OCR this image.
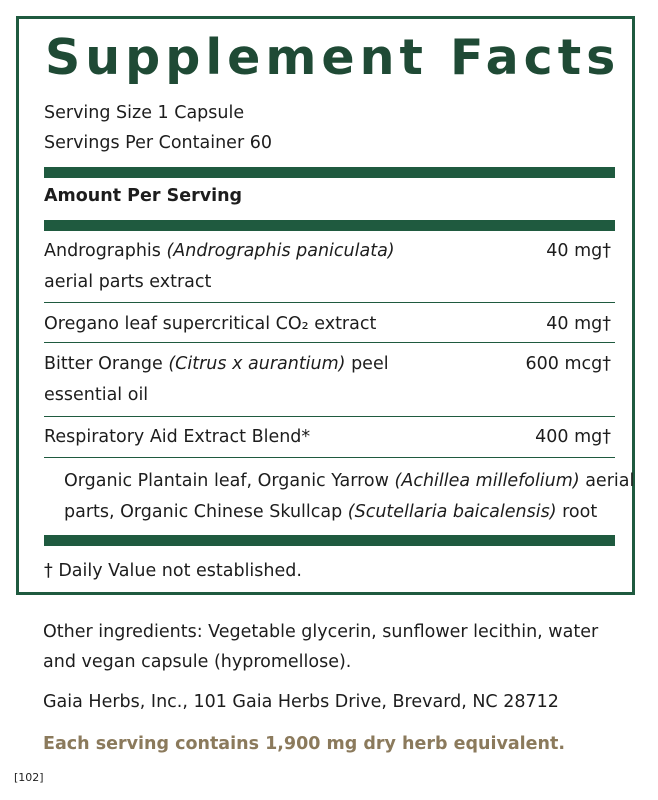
Supplement Facts
Serving Size 1 Capsule
Servings Per Container 60
Amount Per Serving
Andrographis (Andrographis paniculata)
aerial parts extract
40 mg†
Oregano leaf supercritical CO₂ extract	40 mg†
Bitter Orange (Citrus x aurantium) peel
essential oil
600 mcg†
Respiratory Aid Extract Blend*	400 mg†
Organic Plantain leaf, Organic Yarrow (Achillea millefolium) aerial
parts, Organic Chinese Skullcap (Scutellaria baicalensis) root
† Daily Value not established.
Other ingredients: Vegetable glycerin, sunflower lecithin, water
and vegan capsule (hypromellose).
Gaia Herbs, Inc., 101 Gaia Herbs Drive, Brevard, NC 28712
Each serving contains 1,900 mg dry herb equivalent.
[102]
